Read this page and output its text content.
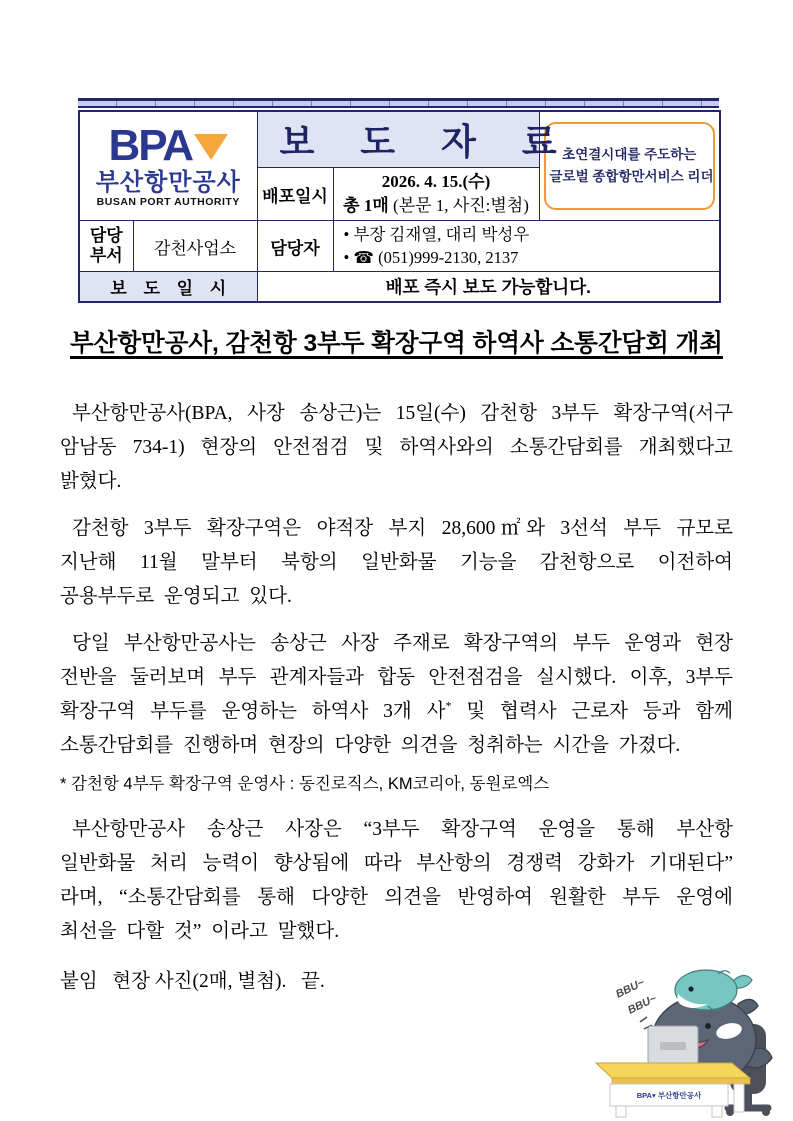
BPA
부산항만공사
BUSAN PORT AUTHORITY
	보 도 자 료	
초연결시대를 주도하는
글로벌 종합항만서비스 리더

		배포일시	2026. 4. 15.(수)
총 1매 (본문 1, 사진:별첨)	

담당부서	감천사업소	담당자	• 부장 김재열, 대리 박성우
• ☎ (051)999-2130, 2137	

보 도 일 시		배포 즉시 보도 가능합니다.		
부산항만공사, 감천항 3부두 확장구역 하역사 소통간담회 개최

부산항만공사(BPA, 사장 송상근)는 15일(수) 감천항 3부두 확장구역(서구 암남동 734-1) 현장의 안전점검 및 하역사와의 소통간담회를 개최했다고 밝혔다.

감천항 3부두 확장구역은 야적장 부지 28,600㎡와 3선석 부두 규모로 지난해 11월 말부터 북항의 일반화물 기능을 감천항으로 이전하여 공용부두로 운영되고 있다.

당일 부산항만공사는 송상근 사장 주재로 확장구역의 부두 운영과 현장 전반을 둘러보며 부두 관계자들과 합동 안전점검을 실시했다. 이후, 3부두 확장구역 부두를 운영하는 하역사 3개 사* 및 협력사 근로자 등과 함께 소통간담회를 진행하며 현장의 다양한 의견을 청취하는 시간을 가졌다.

* 감천항 4부두 확장구역 운영사 : 동진로직스, KM코리아, 동원로엑스

부산항만공사 송상근 사장은 “3부두 확장구역 운영을 통해 부산항 일반화물 처리 능력이 향상됨에 따라 부산항의 경쟁력 강화가 기대된다” 라며, “소통간담회를 통해 다양한 의견을 반영하여 원활한 부두 운영에 최선을 다할 것” 이라고 말했다.

붙임   현장 사진(2매, 별첨).   끝.	BBU~
BBU~
BPA▾ 부산항만공사
